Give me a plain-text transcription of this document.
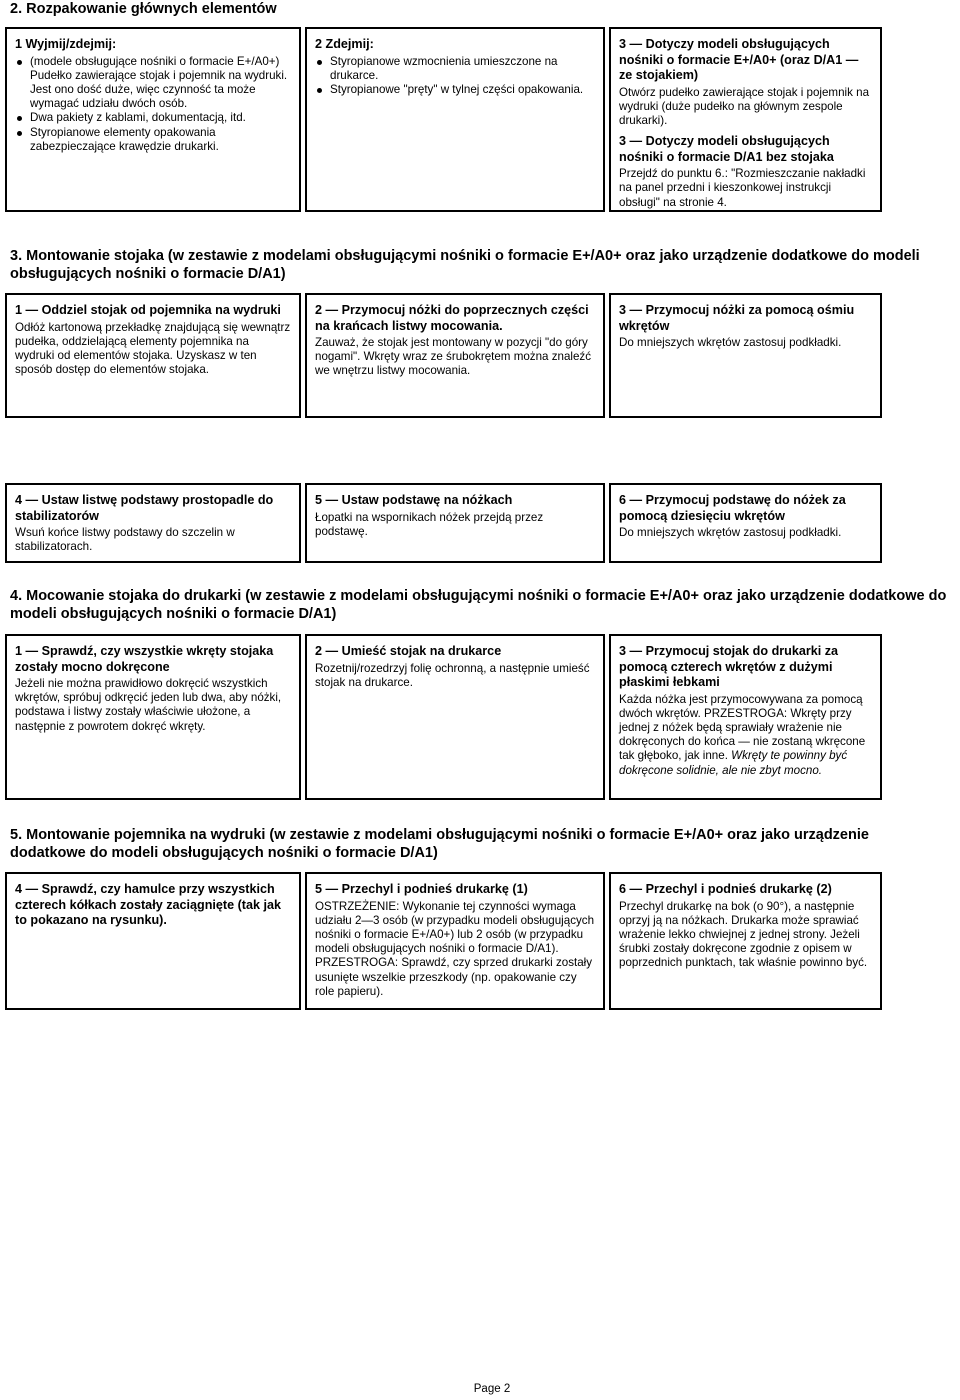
2. Rozpakowanie głównych elementów

1 Wyjmij/zdejmij:

(modele obsługujące nośniki o formacie E+/A0+) Pudełko zawierające stojak i pojemnik na wydruki. Jest ono dość duże, więc czynność ta może wymagać udziału dwóch osób.
Dwa pakiety z kablami, dokumentacją, itd.
Styropianowe elementy opakowania zabezpieczające krawędzie drukarki.

2 Zdejmij:

Styropianowe wzmocnienia umieszczone na drukarce.
Styropianowe "pręty" w tylnej części opakowania.

3 — Dotyczy modeli obsługujących nośniki o formacie E+/A0+ (oraz D/A1 — ze stojakiem)

Otwórz pudełko zawierające stojak i pojemnik na wydruki (duże pudełko na głównym zespole drukarki).

3 — Dotyczy modeli obsługujących nośniki o formacie D/A1 bez stojaka

Przejdź do punktu 6.: "Rozmieszczanie nakładki na panel przedni i kieszonkowej instrukcji obsługi" na stronie 4.

3. Montowanie stojaka (w zestawie z modelami obsługującymi nośniki o formacie E+/A0+ oraz jako urządzenie dodatkowe do modeli obsługujących nośniki o formacie D/A1)

1 — Oddziel stojak od pojemnika na wydruki

Odłóż kartonową przekładkę znajdującą się wewnątrz pudełka, oddzielającą elementy pojemnika na wydruki od elementów stojaka. Uzyskasz w ten sposób dostęp do elementów stojaka.

2 — Przymocuj nóżki do poprzecznych części na krańcach listwy mocowania.

Zauważ, że stojak jest montowany w pozycji "do góry nogami". Wkręty wraz ze śrubokrętem można znaleźć we wnętrzu listwy mocowania.

3 — Przymocuj nóżki za pomocą ośmiu wkrętów

Do mniejszych wkrętów zastosuj podkładki.

4 — Ustaw listwę podstawy prostopadle do stabilizatorów

Wsuń końce listwy podstawy do szczelin w stabilizatorach.

5 — Ustaw podstawę na nóżkach

Łopatki na wspornikach nóżek przejdą przez podstawę.

6 — Przymocuj podstawę do nóżek za pomocą dziesięciu wkrętów

Do mniejszych wkrętów zastosuj podkładki.

4. Mocowanie stojaka do drukarki (w zestawie z modelami obsługującymi nośniki o formacie E+/A0+ oraz jako urządzenie dodatkowe do modeli obsługujących nośniki o formacie D/A1)

1 — Sprawdź, czy wszystkie wkręty stojaka zostały mocno dokręcone

Jeżeli nie można prawidłowo dokręcić wszystkich wkrętów, spróbuj odkręcić jeden lub dwa, aby nóżki, podstawa i listwy zostały właściwie ułożone, a następnie z powrotem dokręć wkręty.

2 — Umieść stojak na drukarce

Rozetnij/rozedrzyj folię ochronną, a następnie umieść stojak na drukarce.

3 — Przymocuj stojak do drukarki za pomocą czterech wkrętów z dużymi płaskimi łebkami

Każda nóżka jest przymocowywana za pomocą dwóch wkrętów. PRZESTROGA: Wkręty przy jednej z nóżek będą sprawiały wrażenie nie dokręconych do końca — nie zostaną wkręcone tak głęboko, jak inne. Wkręty te powinny być dokręcone solidnie, ale nie zbyt mocno.

5. Montowanie pojemnika na wydruki (w zestawie z modelami obsługującymi nośniki o formacie E+/A0+ oraz jako urządzenie dodatkowe do modeli obsługujących nośniki o formacie D/A1)

4 — Sprawdź, czy hamulce przy wszystkich czterech kółkach zostały zaciągnięte (tak jak to pokazano na rysunku).

5 — Przechyl i podnieś drukarkę (1)

OSTRZEŻENIE: Wykonanie tej czynności wymaga udziału 2—3 osób (w przypadku modeli obsługujących nośniki o formacie E+/A0+) lub 2 osób (w przypadku modeli obsługujących nośniki o formacie D/A1). PRZESTROGA: Sprawdź, czy sprzed drukarki zostały usunięte wszelkie przeszkody (np. opakowanie czy role papieru).

6 — Przechyl i podnieś drukarkę (2)

Przechyl drukarkę na bok (o 90°), a następnie oprzyj ją na nóżkach. Drukarka może sprawiać wrażenie lekko chwiejnej z jednej strony. Jeżeli śrubki zostały dokręcone zgodnie z opisem w poprzednich punktach, tak właśnie powinno być.

Page 2
